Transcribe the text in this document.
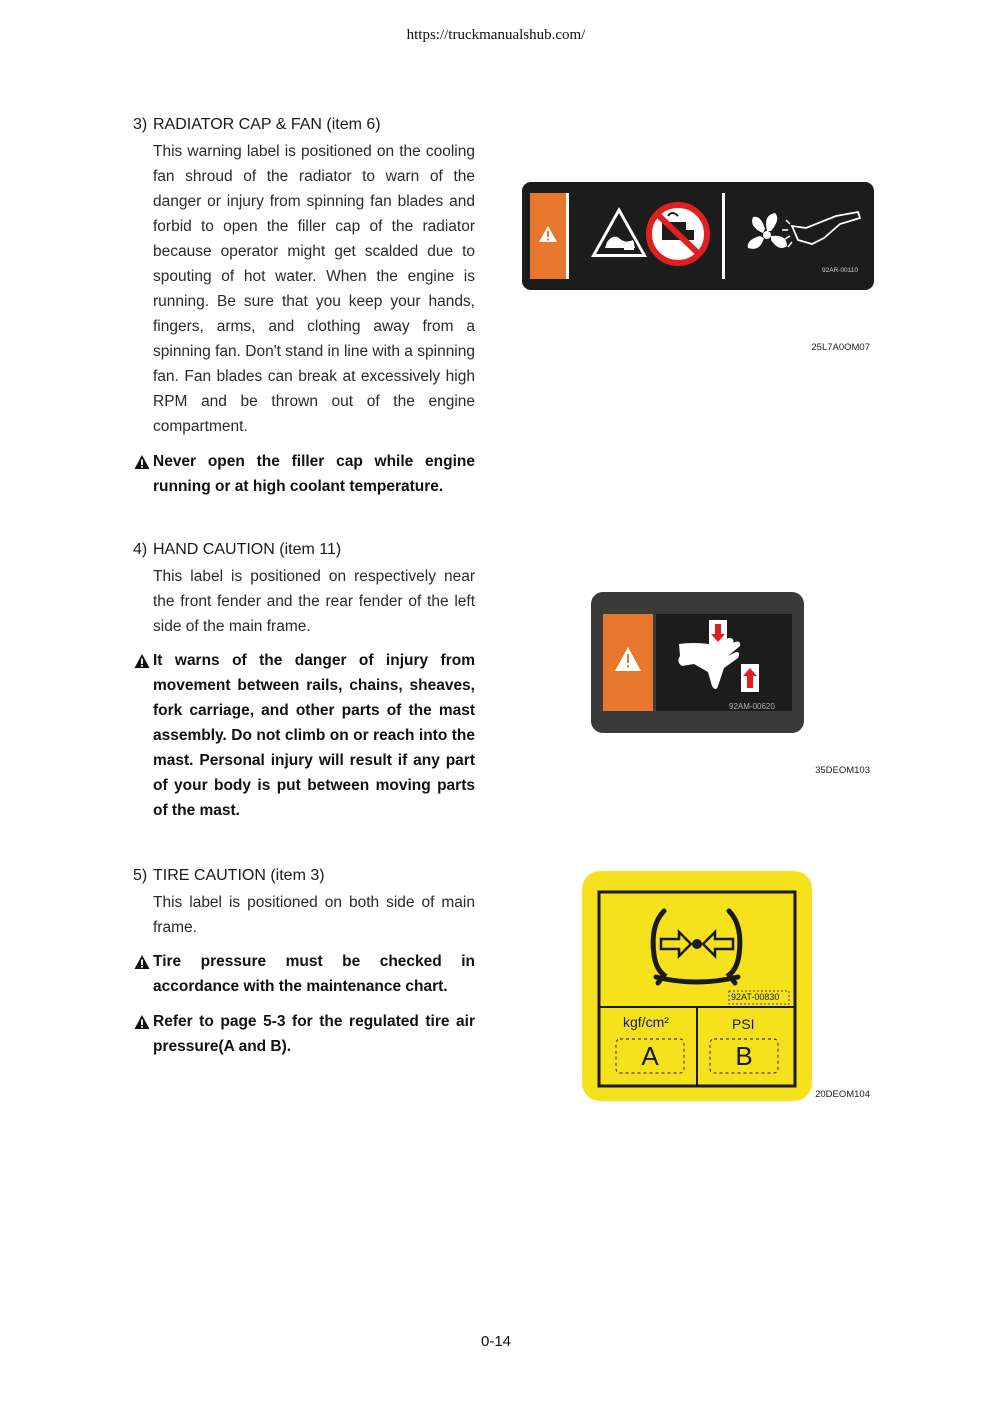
https://truckmanualshub.com/
3) RADIATOR CAP & FAN (item 6)
This warning label is positioned on the cooling fan shroud of the radiator to warn of the danger or injury from spinning fan blades and forbid to open the filler cap of the radiator because operator might get scalded due to spouting of hot water. When the engine is running. Be sure that you keep your hands, fingers, arms, and clothing away from a spinning fan. Don't stand in line with a spinning fan. Fan blades can break at excessively high RPM and be thrown out of the engine compartment.
Never open the filler cap while engine running or at high coolant temperature.
4) HAND CAUTION (item 11)
This label is positioned on respectively near the front fender and the rear fender of the left side of the main frame.
It warns of the danger of injury from movement between rails, chains, sheaves, fork carriage, and other parts of the mast assembly. Do not climb on or reach into the mast. Personal injury will result if any part of your body is put between moving parts of the mast.
5) TIRE CAUTION (item 3)
This label is positioned on both side of main frame.
Tire pressure must be checked in accordance with the maintenance chart.
Refer to page 5-3 for the regulated tire air pressure(A and B).
92AR-00110
25L7A0OM07
92AM-00620
35DEOM103
92AT-00830
kgf/cm²	PSI
A	B
20DEOM104
0-14
